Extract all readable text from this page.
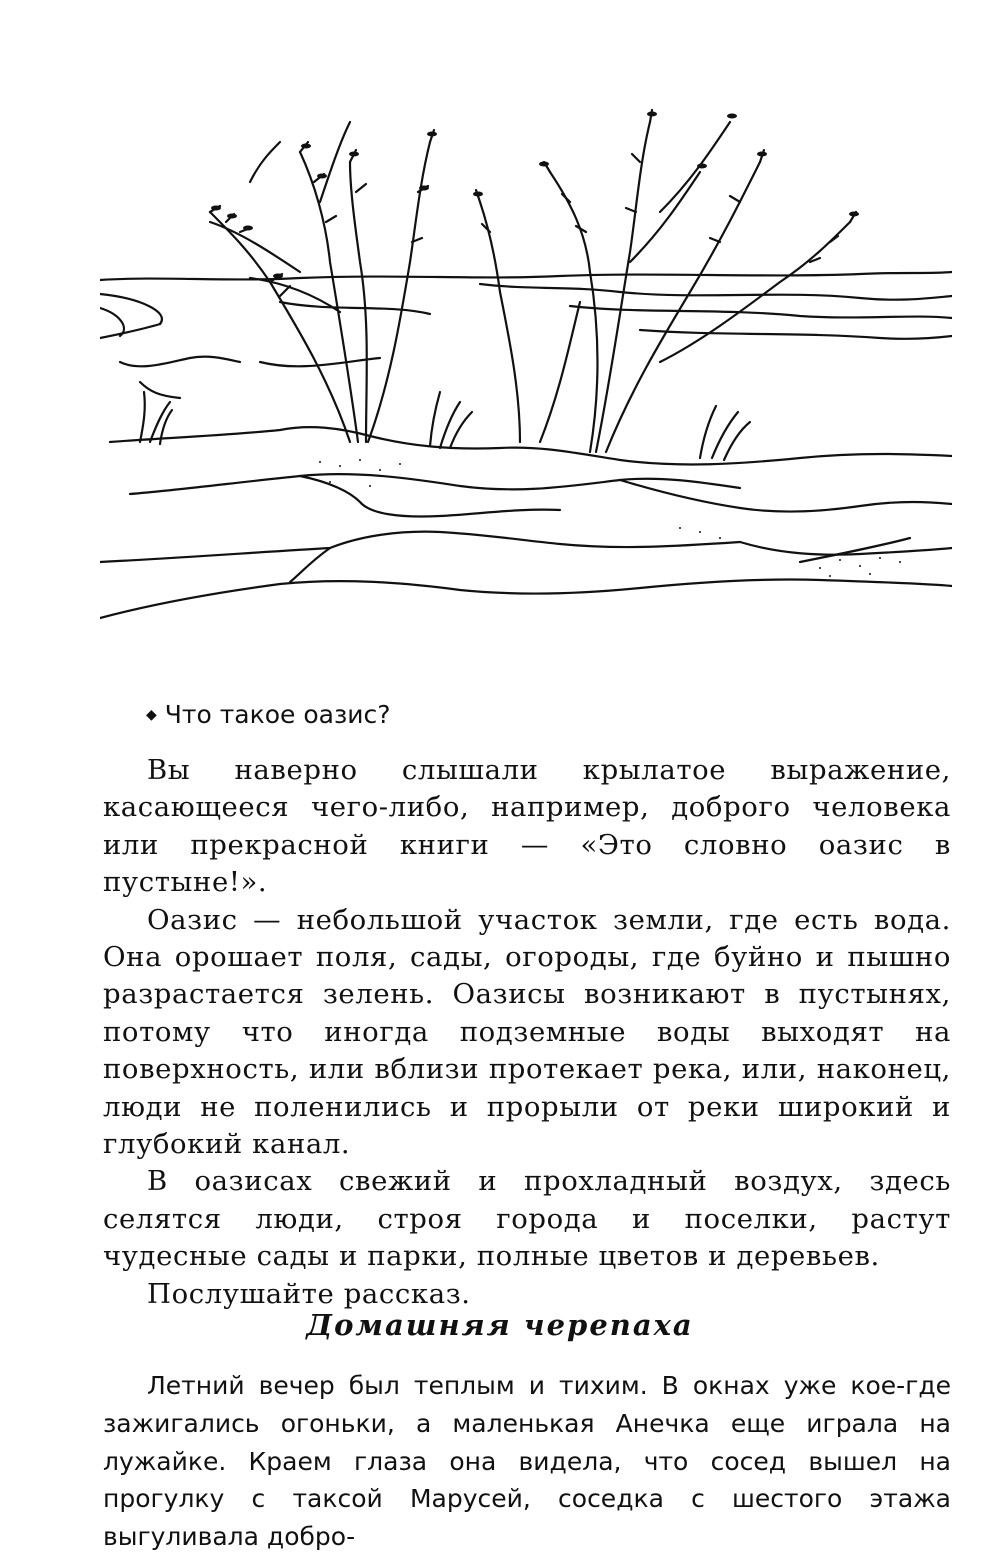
◆ Что такое оазис?

Вы наверно слышали крылатое выражение, касающееся чего-либо, например, доброго человека или прекрасной книги — «Это словно оазис в пустыне!».

Оазис — небольшой участок земли, где есть вода. Она орошает поля, сады, огороды, где буйно и пышно разрастается зелень. Оазисы возникают в пустынях, потому что иногда подземные воды выходят на поверхность, или вблизи протекает река, или, наконец, люди не поленились и прорыли от реки широкий и глубокий канал.

В оазисах свежий и прохладный воздух, здесь селятся люди, строя города и поселки, растут чудесные сады и парки, полные цветов и деревьев.

Послушайте рассказ.

Домашняя черепаха

Летний вечер был теплым и тихим. В окнах уже кое-где зажигались огоньки, а маленькая Анечка еще играла на лужайке. Краем глаза она видела, что сосед вышел на прогулку с таксой Марусей, соседка с шестого этажа выгуливала добро-
